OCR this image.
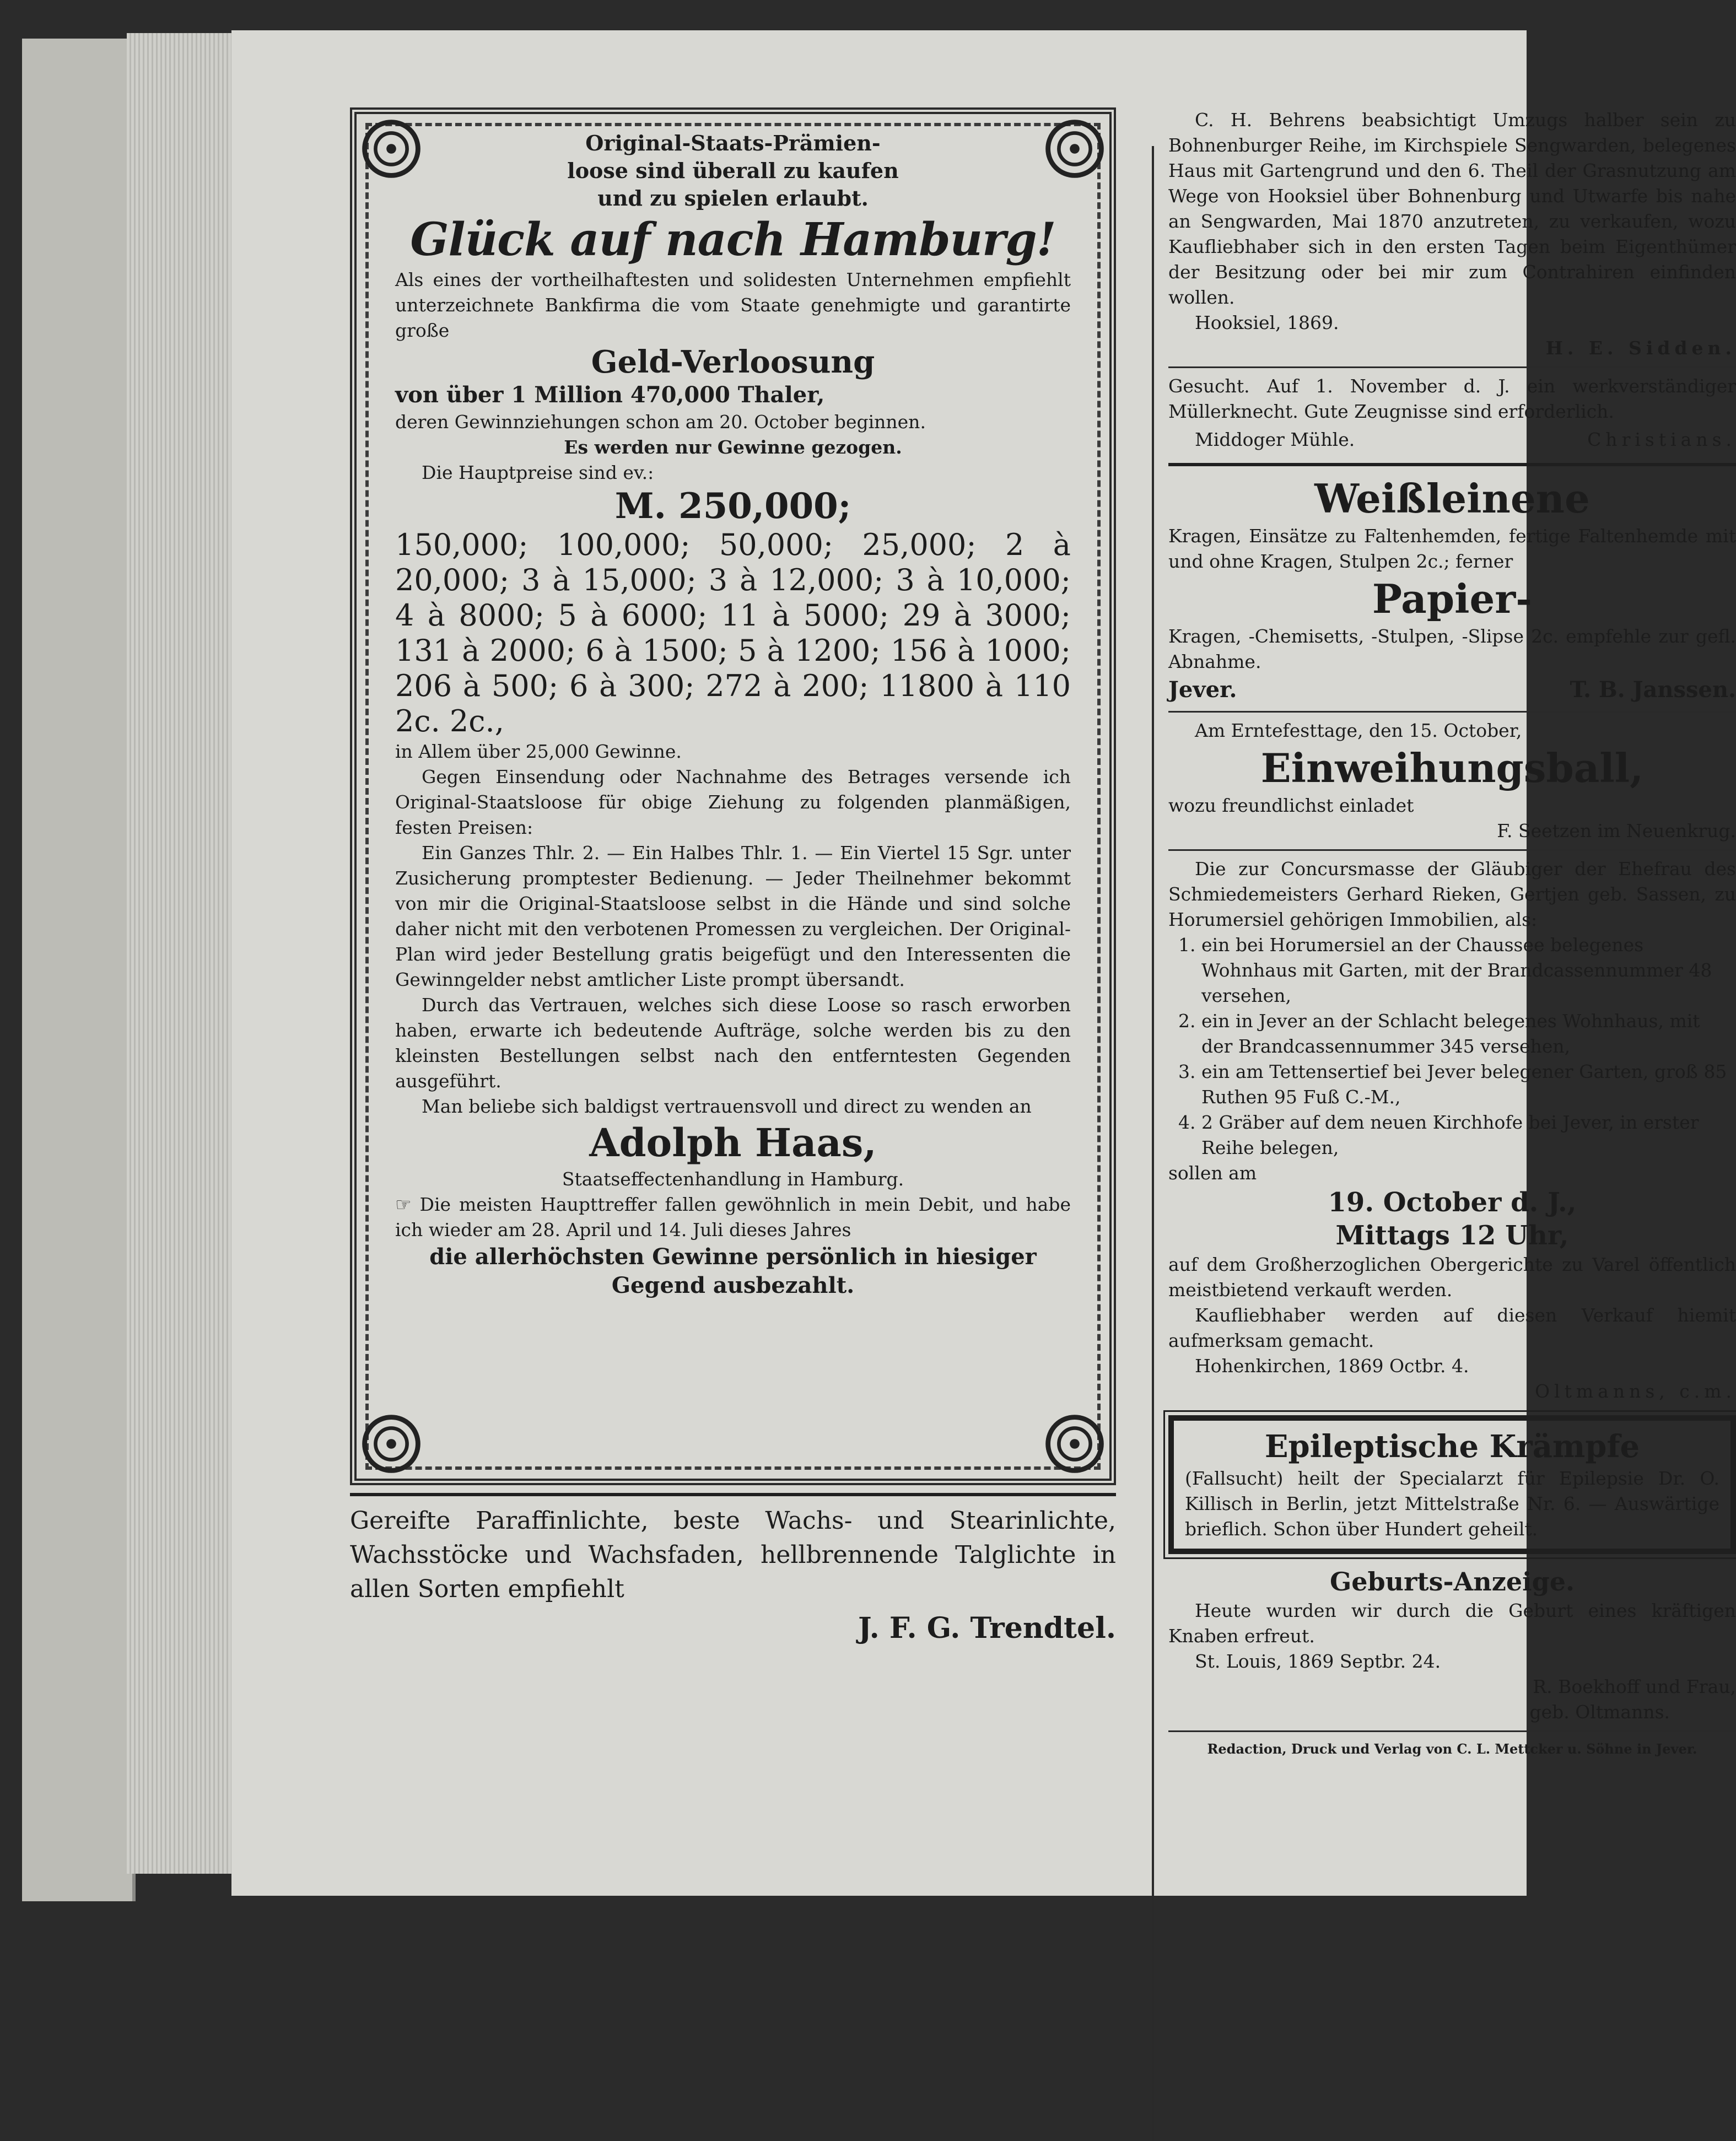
Original-Staats-Prämien-
loose sind überall zu kaufen
und zu spielen erlaubt.

Glück auf nach Hamburg!

Als eines der vortheilhaftesten und solidesten Unternehmen empfiehlt unterzeichnete Bankfirma die vom Staate genehmigte und garantirte große

Geld-Verloosung

von über 1 Million 470,000 Thaler,

deren Gewinnziehungen schon am 20. October beginnen.

Es werden nur Gewinne gezogen.

Die Hauptpreise sind ev.:

M. 250,000;

150,000; 100,000; 50,000; 25,000; 2 à 20,000; 3 à 15,000; 3 à 12,000; 3 à 10,000; 4 à 8000; 5 à 6000; 11 à 5000; 29 à 3000; 131 à 2000; 6 à 1500; 5 à 1200; 156 à 1000; 206 à 500; 6 à 300; 272 à 200; 11800 à 110 2c. 2c.,

in Allem über 25,000 Gewinne.

Gegen Einsendung oder Nachnahme des Betrages versende ich Original-Staatsloose für obige Ziehung zu folgenden planmäßigen, festen Preisen:

Ein Ganzes Thlr. 2. — Ein Halbes Thlr. 1. — Ein Viertel 15 Sgr. unter Zusicherung promptester Bedienung. — Jeder Theilnehmer bekommt von mir die Original-Staatsloose selbst in die Hände und sind solche daher nicht mit den verbotenen Promessen zu vergleichen. Der Original-Plan wird jeder Bestellung gratis beigefügt und den Interessenten die Gewinngelder nebst amtlicher Liste prompt übersandt.

Durch das Vertrauen, welches sich diese Loose so rasch erworben haben, erwarte ich bedeutende Aufträge, solche werden bis zu den kleinsten Bestellungen selbst nach den entferntesten Gegenden ausgeführt.

Man beliebe sich baldigst vertrauensvoll und direct zu wenden an

Adolph Haas,

Staatseffectenhandlung in Hamburg.

☞ Die meisten Haupttreffer fallen gewöhnlich in mein Debit, und habe ich wieder am 28. April und 14. Juli dieses Jahres

die allerhöchsten Gewinne persönlich in hiesiger Gegend ausbezahlt.

Gereifte Paraffinlichte, beste Wachs- und Stearinlichte, Wachsstöcke und Wachsfaden, hellbrennende Talglichte in allen Sorten empfiehlt

J. F. G. Trendtel.

C. H. Behrens beabsichtigt Umzugs halber sein zu Bohnenburger Reihe, im Kirchspiele Sengwarden, belegenes Haus mit Gartengrund und den 6. Theil der Grasnutzung am Wege von Hooksiel über Bohnenburg und Utwarfe bis nahe an Sengwarden, Mai 1870 anzutreten, zu verkaufen, wozu Kaufliebhaber sich in den ersten Tagen beim Eigenthümer der Besitzung oder bei mir zum Contrahiren einfinden wollen.

Hooksiel, 1869.

H. E. Sidden.

Gesucht. Auf 1. November d. J. ein werkverständiger Müllerknecht. Gute Zeugnisse sind erforderlich.

Middoger Mühle.	Christians.

Weißleinene

Kragen, Einsätze zu Faltenhemden, fertige Faltenhemde mit und ohne Kragen, Stulpen 2c.; ferner

Papier-

Kragen, -Chemisetts, -Stulpen, -Slipse 2c. empfehle zur gefl. Abnahme.

Jever.	T. B. Janssen.

Am Erntefesttage, den 15. October,

Einweihungsball,

wozu freundlichst einladet

F. Seetzen im Neuenkrug.

Die zur Concursmasse der Gläubiger der Ehefrau des Schmiedemeisters Gerhard Rieken, Gertjen geb. Sassen, zu Horumersiel gehörigen Immobilien, als:

1. ein bei Horumersiel an der Chaussee belegenes Wohnhaus mit Garten, mit der Brandcassennummer 48 versehen,
2. ein in Jever an der Schlacht belegenes Wohnhaus, mit der Brandcassennummer 345 versehen,
3. ein am Tettensertief bei Jever belegener Garten, groß 85 Ruthen 95 Fuß C.-M.,
4. 2 Gräber auf dem neuen Kirchhofe bei Jever, in erster Reihe belegen,

sollen am

19. October d. J.,

Mittags 12 Uhr,

auf dem Großherzoglichen Obergerichte zu Varel öffentlich meistbietend verkauft werden.

Kaufliebhaber werden auf diesen Verkauf hiemit aufmerksam gemacht.

Hohenkirchen, 1869 Octbr. 4.

Oltmanns, c.m.

Epileptische Krämpfe

(Fallsucht) heilt der Specialarzt für Epilepsie Dr. O. Killisch in Berlin, jetzt Mittelstraße Nr. 6. — Auswärtige brieflich. Schon über Hundert geheilt.

Geburts-Anzeige.

Heute wurden wir durch die Geburt eines kräftigen Knaben erfreut.

St. Louis, 1869 Septbr. 24.

R. Boekhoff und Frau,

geb. Oltmanns.

Redaction, Druck und Verlag von C. L. Mettcker u. Söhne in Jever.
